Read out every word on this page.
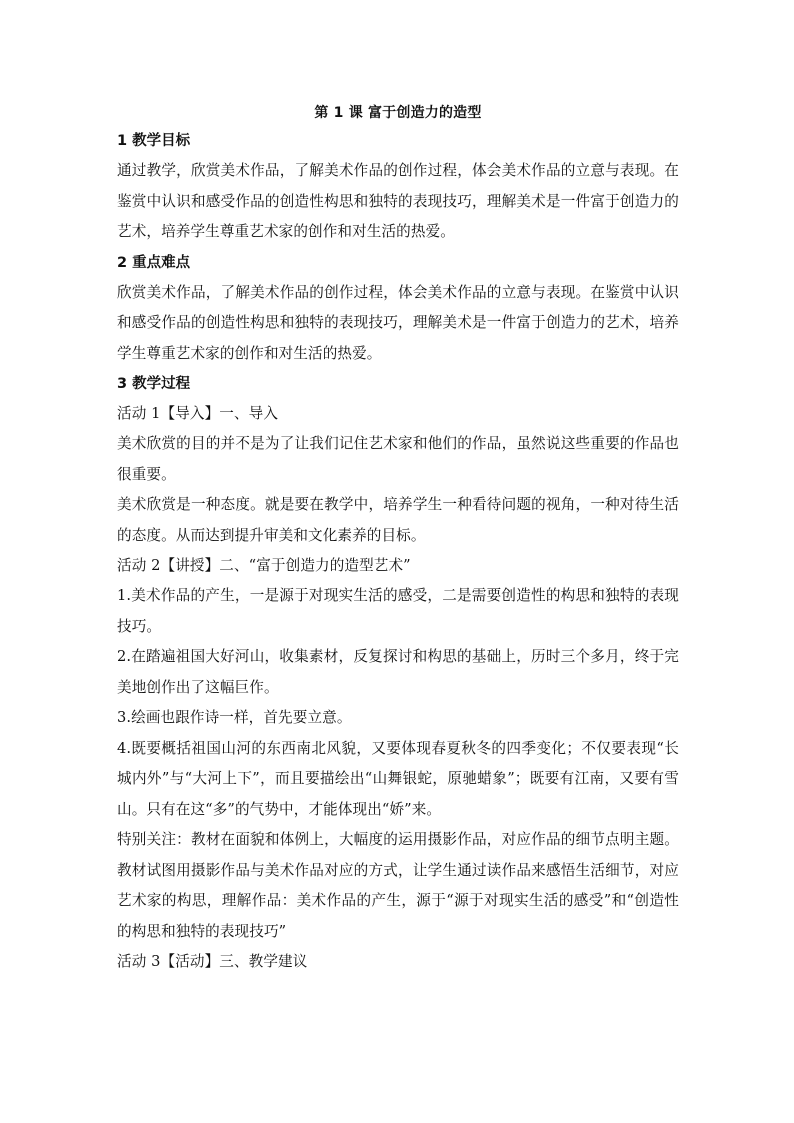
第 1 课 富于创造力的造型
1 教学目标

通过教学，欣赏美术作品，了解美术作品的创作过程，体会美术作品的立意与表现。在鉴赏中认识和感受作品的创造性构思和独特的表现技巧，理解美术是一件富于创造力的艺术，培养学生尊重艺术家的创作和对生活的热爱。

2 重点难点

欣赏美术作品，了解美术作品的创作过程，体会美术作品的立意与表现。在鉴赏中认识和感受作品的创造性构思和独特的表现技巧，理解美术是一件富于创造力的艺术，培养学生尊重艺术家的创作和对生活的热爱。

3 教学过程

活动 1【导入】一、导入

美术欣赏的目的并不是为了让我们记住艺术家和他们的作品，虽然说这些重要的作品也很重要。

美术欣赏是一种态度。就是要在教学中，培养学生一种看待问题的视角，一种对待生活的态度。从而达到提升审美和文化素养的目标。

活动 2【讲授】二、“富于创造力的造型艺术”

1.美术作品的产生，一是源于对现实生活的感受，二是需要创造性的构思和独特的表现技巧。

2.在踏遍祖国大好河山，收集素材，反复探讨和构思的基础上，历时三个多月，终于完美地创作出了这幅巨作。

3.绘画也跟作诗一样，首先要立意。

4.既要概括祖国山河的东西南北风貌，又要体现春夏秋冬的四季变化；不仅要表现“长城内外”与“大河上下”，而且要描绘出“山舞银蛇，原驰蜡象”；既要有江南，又要有雪山。只有在这“多”的气势中，才能体现出“娇”来。

特别关注：教材在面貌和体例上，大幅度的运用摄影作品，对应作品的细节点明主题。教材试图用摄影作品与美术作品对应的方式，让学生通过读作品来感悟生活细节，对应艺术家的构思，理解作品：美术作品的产生，源于“源于对现实生活的感受”和“创造性的构思和独特的表现技巧”

活动 3【活动】三、教学建议
